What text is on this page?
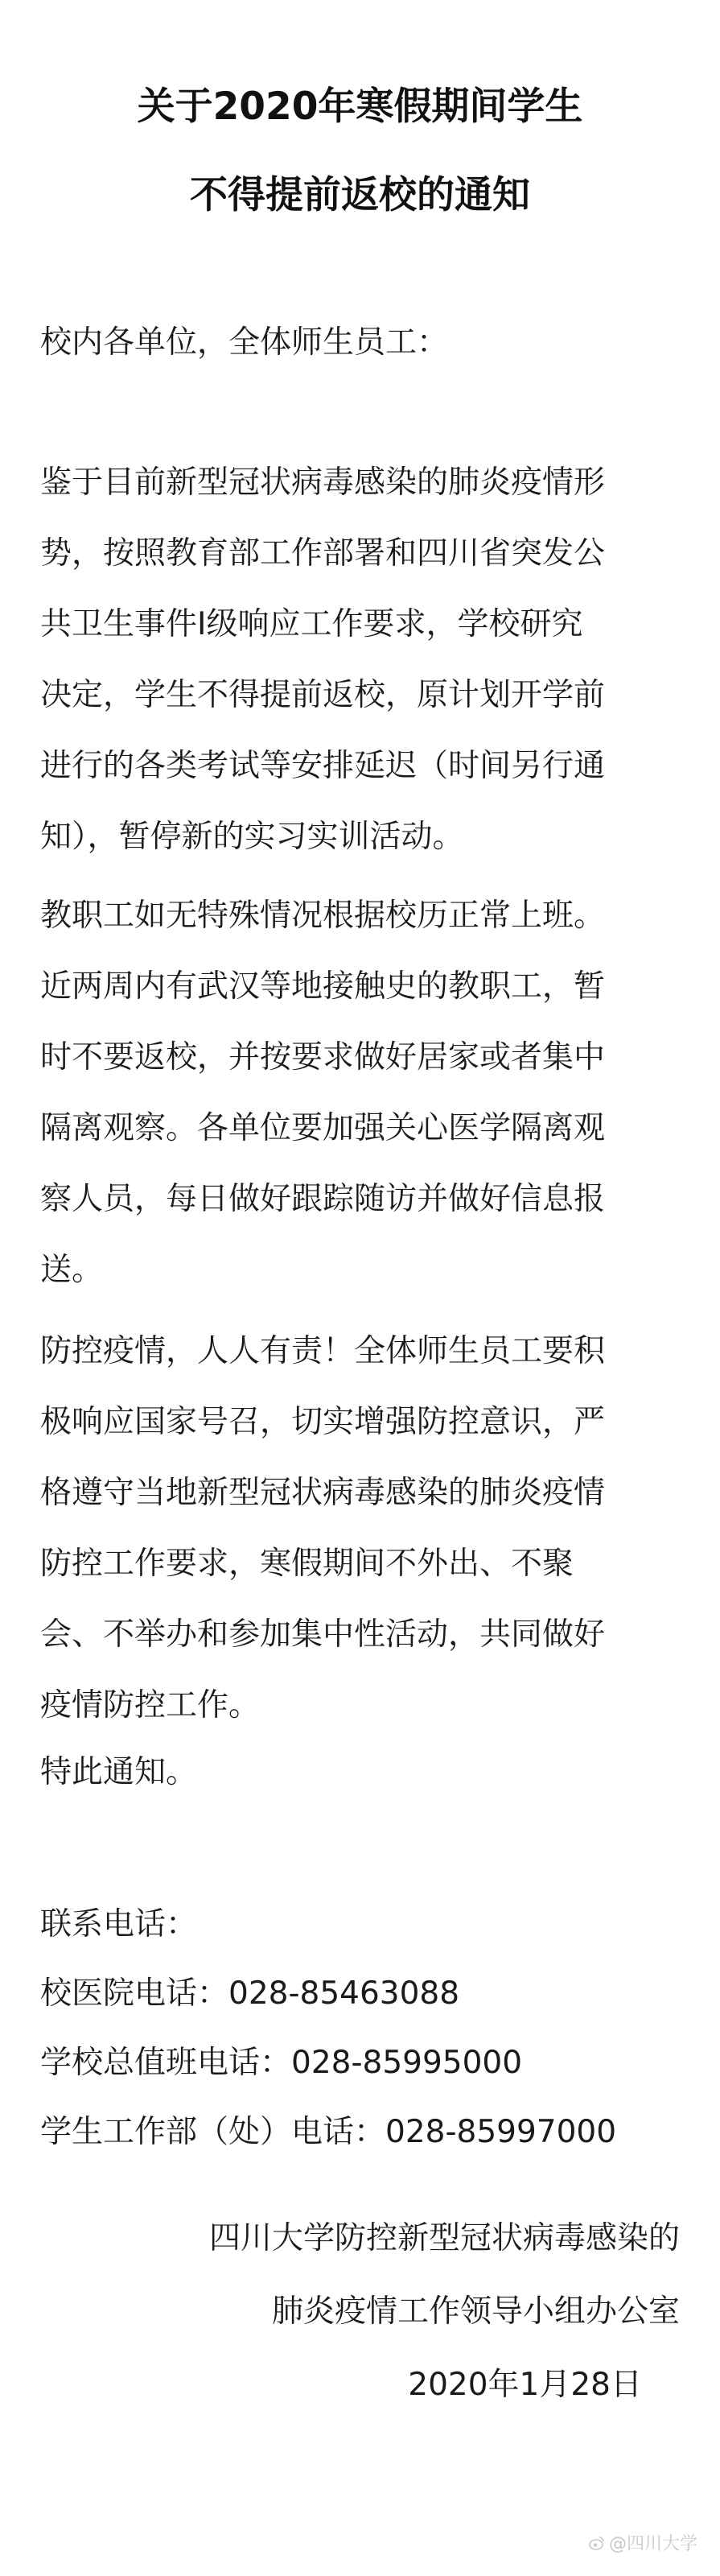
关于2020年寒假期间学生
不得提前返校的通知
校内各单位，全体师生员工：
鉴于目前新型冠状病毒感染的肺炎疫情形
势，按照教育部工作部署和四川省突发公
共卫生事件Ⅰ级响应工作要求，学校研究
决定，学生不得提前返校，原计划开学前
进行的各类考试等安排延迟（时间另行通
知），暂停新的实习实训活动。
教职工如无特殊情况根据校历正常上班。
近两周内有武汉等地接触史的教职工，暂
时不要返校，并按要求做好居家或者集中
隔离观察。各单位要加强关心医学隔离观
察人员，每日做好跟踪随访并做好信息报
送。
防控疫情，人人有责！全体师生员工要积
极响应国家号召，切实增强防控意识，严
格遵守当地新型冠状病毒感染的肺炎疫情
防控工作要求，寒假期间不外出、不聚
会、不举办和参加集中性活动，共同做好
疫情防控工作。
特此通知。
联系电话：
校医院电话：028-85463088
学校总值班电话：028-85995000
学生工作部（处）电话：028-85997000
四川大学防控新型冠状病毒感染的
肺炎疫情工作领导小组办公室
2020年1月28日
@四川大学
